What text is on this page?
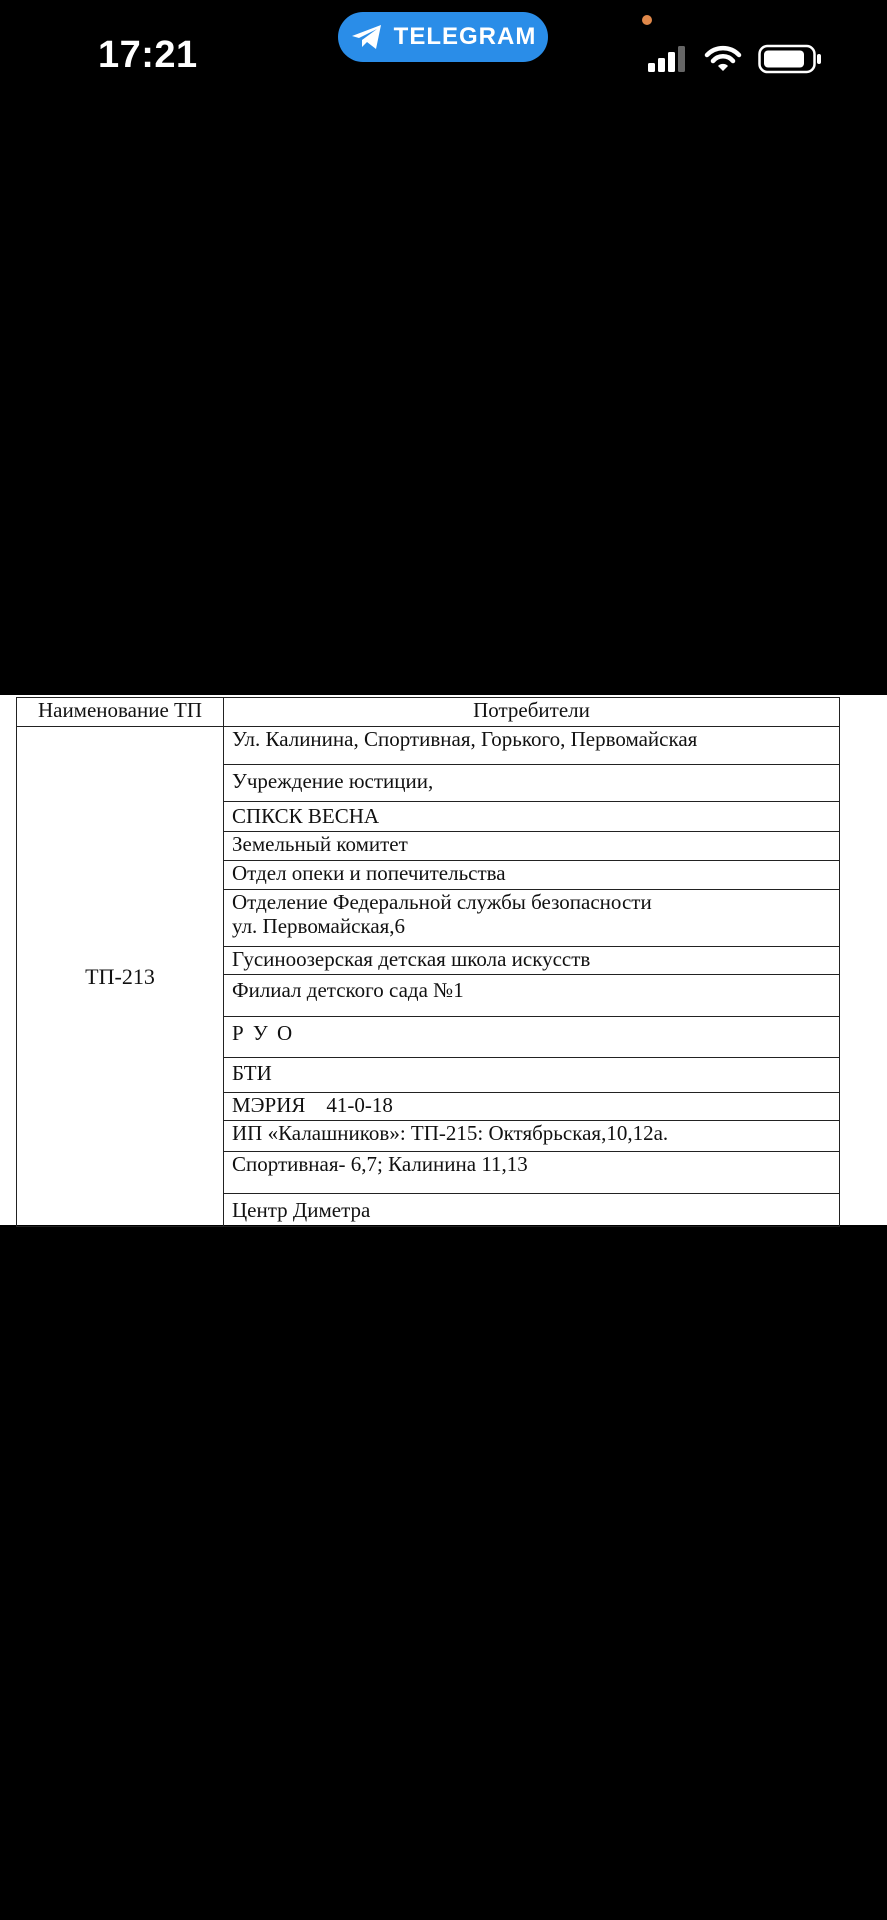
17:21	TELEGRAM
Наименование ТП	Потребители
ТП-213	Ул. Калинина, Спортивная, Горького, Первомайская
	Учреждение юстиции,
	СПКСК ВЕСНА
	Земельный комитет
	Отдел опеки и попечительства

	Отделение Федеральной службы безопасности
ул. Первомайская,6

	Гусиноозерская детская школа искусств
	Филиал детского сада №1
	Р У О
	БТИ
	МЭРИЯ    41-0-18
	ИП «Калашников»: ТП-215: Октябрьская,10,12а.
	Спортивная- 6,7; Калинина 11,13
	Центр Диметра
